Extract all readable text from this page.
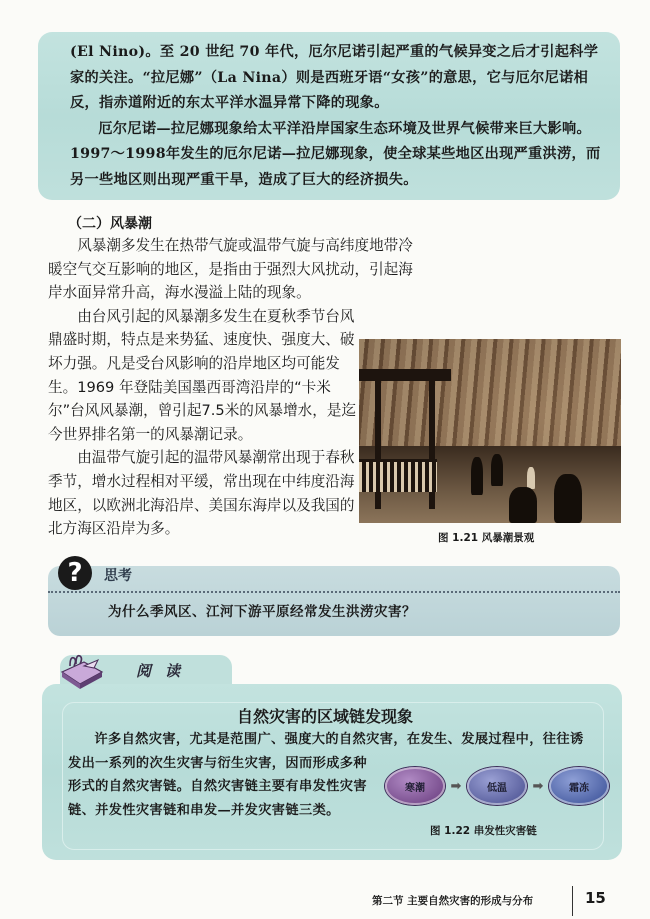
(El Nino)。至 20 世纪 70 年代，厄尔尼诺引起严重的气候异变之后才引起科学家的关注。“拉尼娜”（La Nina）则是西班牙语“女孩”的意思，它与厄尔尼诺相反，指赤道附近的东太平洋水温异常下降的现象。

厄尔尼诺—拉尼娜现象给太平洋沿岸国家生态环境及世界气候带来巨大影响。1997～1998年发生的厄尔尼诺—拉尼娜现象，使全球某些地区出现严重洪涝，而另一些地区则出现严重干旱，造成了巨大的经济损失。

（二）风暴潮

风暴潮多发生在热带气旋或温带气旋与高纬度地带冷暖空气交互影响的地区，是指由于强烈大风扰动，引起海岸水面异常升高，海水漫溢上陆的现象。

由台风引起的风暴潮多发生在夏秋季节台风鼎盛时期，特点是来势猛、速度快、强度大、破坏力强。凡是受台风影响的沿岸地区均可能发生。1969 年登陆美国墨西哥湾沿岸的“卡米尔”台风风暴潮，曾引起7.5米的风暴增水，是迄今世界排名第一的风暴潮记录。

由温带气旋引起的温带风暴潮常出现于春秋季节，增水过程相对平缓，常出现在中纬度沿海地区，以欧洲北海沿岸、美国东海岸以及我国的北方海区沿岸为多。

图 1.21 风暴潮景观
?	思考
为什么季风区、江河下游平原经常发生洪涝灾害？
阅读
自然灾害的区域链发现象

许多自然灾害，尤其是范围广、强度大的自然灾害，在发生、发展过程中，往往诱

发出一系列的次生灾害与衍生灾害，因而形成多种形式的自然灾害链。自然灾害链主要有串发性灾害链、并发性灾害链和串发—并发灾害链三类。

寒潮	➡	低温	➡	霜冻
图 1.22 串发性灾害链
第二节 主要自然灾害的形成与分布	15
